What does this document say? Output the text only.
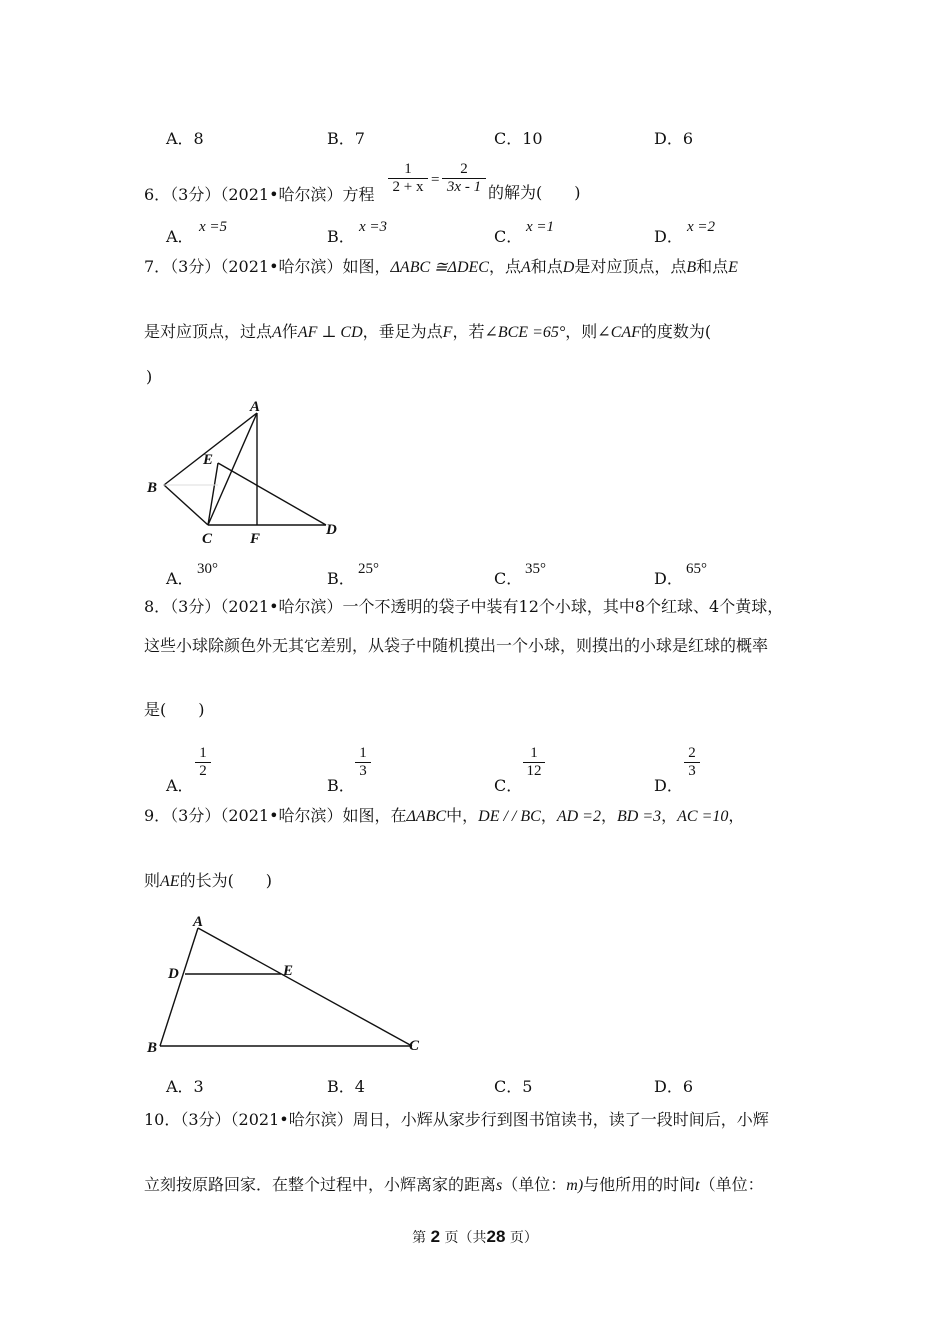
A．8	B．7	C．10	D．6
6．（3分）（2021•哈尔滨）方程
1
2 + x =
2
3x - 1 的解为(　　)
A． x =5	B． x =3	C． x =1	D． x =2
7．（3分）（2021•哈尔滨）如图，ΔABC ≅ΔDEC，点A和点D是对应顶点，点B和点E
是对应顶点，过点A作AF ⊥ CD，垂足为点F，若∠BCE =65°，则∠CAF的度数为(
)
A
E
B
C	F
D
A． 30°	B． 25°	C． 35°	D． 65°
8．（3分）（2021•哈尔滨）一个不透明的袋子中装有12个小球，其中8个红球、4个黄球，
这些小球除颜色外无其它差别，从袋子中随机摸出一个小球，则摸出的小球是红球的概率
是(　　)
A．
1
2
B．
1
3
C．
1
12
D．
2
3
9．（3分）（2021•哈尔滨）如图，在ΔABC中，DE / / BC，AD =2，BD =3，AC =10，
则AE的长为(　　)
A
D	E
B	C
A．3	B．4	C．5	D．6
10．（3分）（2021•哈尔滨）周日，小辉从家步行到图书馆读书，读了一段时间后，小辉
立刻按原路回家．在整个过程中，小辉离家的距离s（单位：m)与他所用的时间t（单位：
第 2 页（共28 页）
